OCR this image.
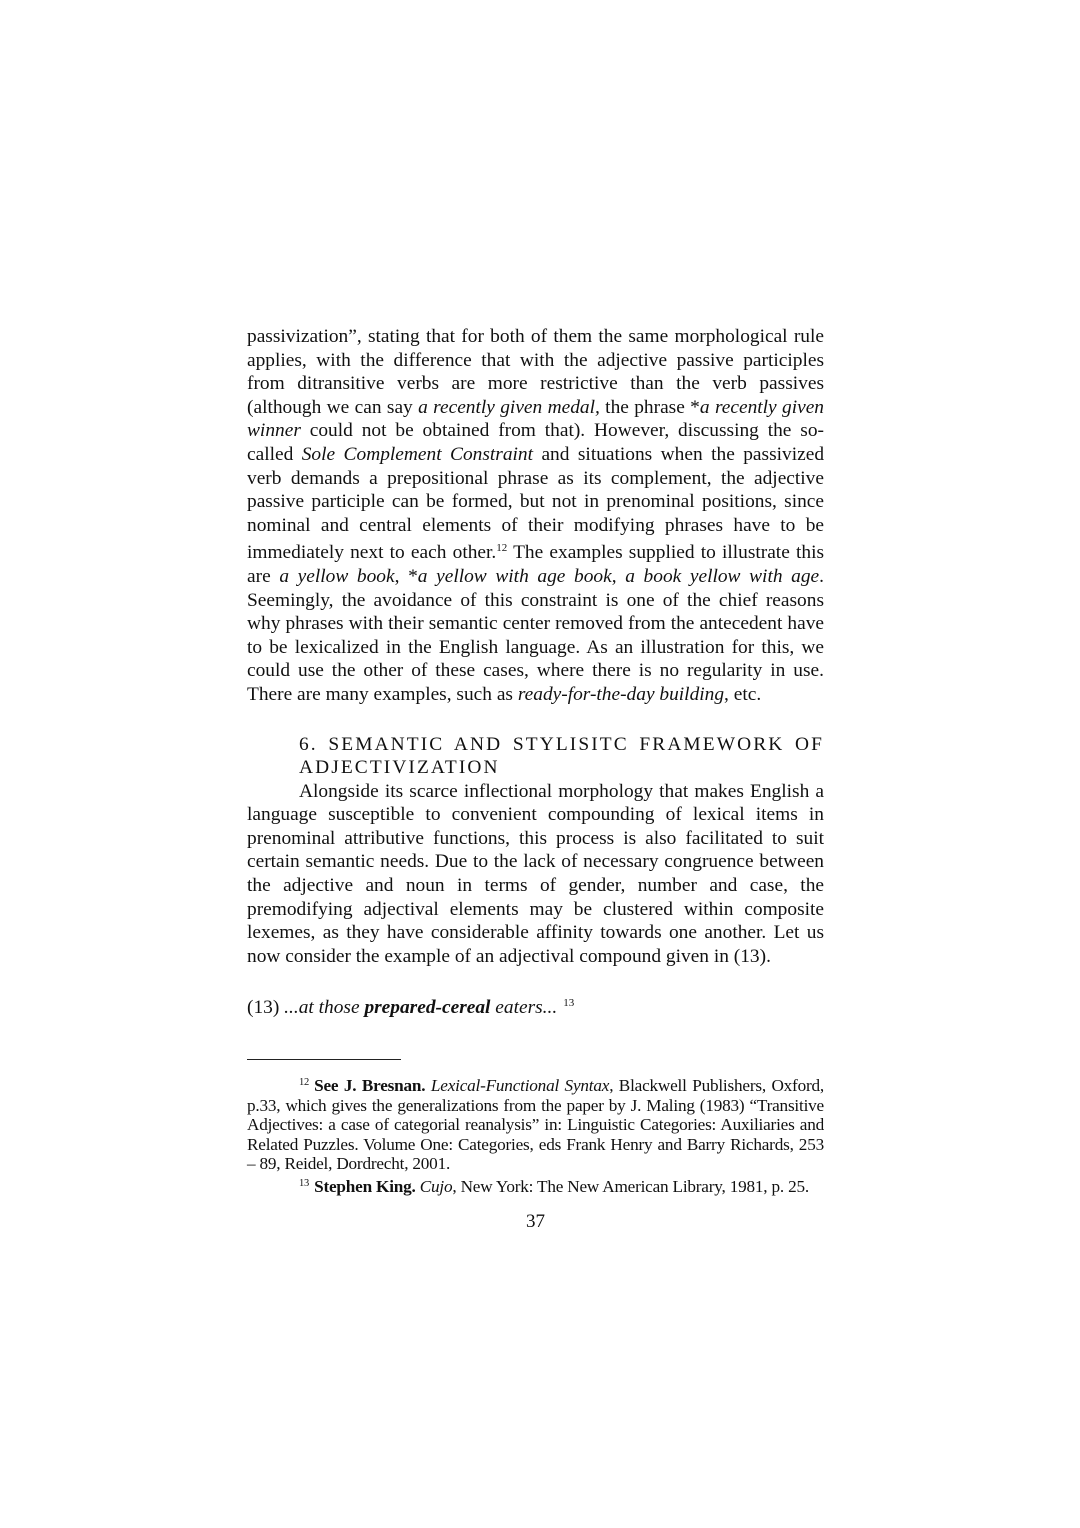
passivization”, stating that for both of them the same morphological rule applies, with the difference that with the adjective passive participles from ditransitive verbs are more restrictive than the verb passives (although we can say a recently given medal, the phrase *a recently given winner could not be obtained from that). However, discussing the so-called Sole Complement Constraint and situations when the passivized verb demands a prepositional phrase as its complement, the adjective passive participle can be formed, but not in prenominal positions, since nominal and central elements of their modifying phrases have to be immediately next to each other.$^{12}$ The examples supplied to illustrate this are a yellow book, *a yellow with age book, a book yellow with age. Seemingly, the avoidance of this constraint is one of the chief reasons why phrases with their semantic center removed from the antecedent have to be lexicalized in the English language. As an illustration for this, we could use the other of these cases, where there is no regularity in use. There are many examples, such as ready-for-the-day building, etc.

6. SEMANTIC AND STYLISITC FRAMEWORK OF ADJECTIVIZATION

Alongside its scarce inflectional morphology that makes English a language susceptible to convenient compounding of lexical items in prenominal attributive functions, this process is also facilitated to suit certain semantic needs. Due to the lack of necessary congruence between the adjective and noun in terms of gender, number and case, the premodifying adjectival elements may be clustered within composite lexemes, as they have considerable affinity towards one another. Let us now consider the example of an adjectival compound given in (13).

(13) ...at those prepared-cereal eaters... $^{13}$

$^{12}$ See J. Bresnan. Lexical-Functional Syntax, Blackwell Publishers, Oxford, p.33, which gives the generalizations from the paper by J. Maling (1983) “Transitive Adjectives: a case of categorial reanalysis” in: Linguistic Categories: Auxiliaries and Related Puzzles. Volume One: Categories, eds Frank Henry and Barry Richards, 253 – 89, Reidel, Dordrecht, 2001.

$^{13}$ Stephen King. Cujo, New York: The New American Library, 1981, p. 25.

37
